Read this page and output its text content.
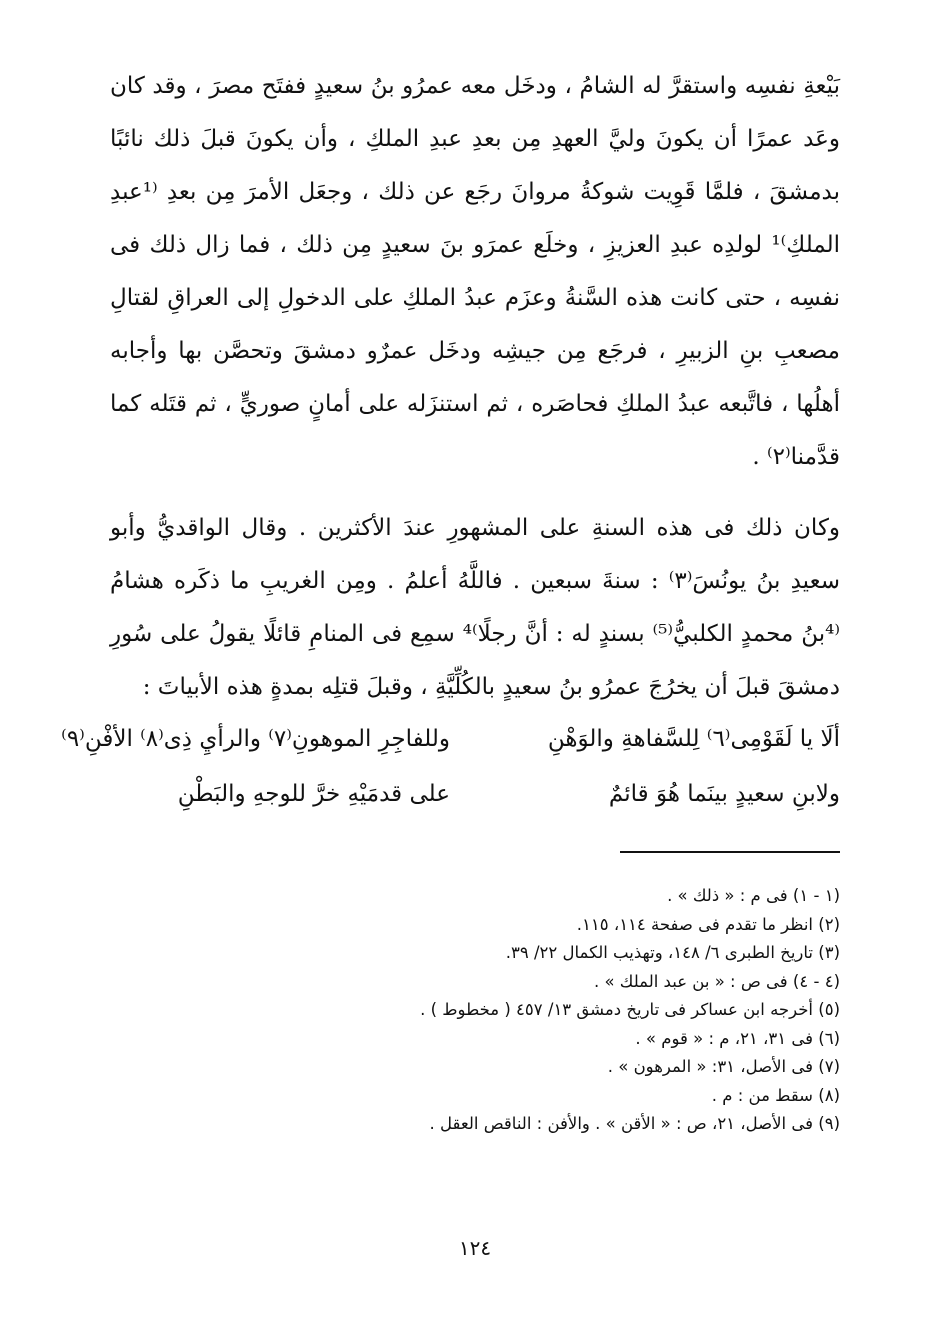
بَيْعةِ نفسِه واستقرَّ له الشامُ ، ودخَل معه عمرُو بنُ سعيدٍ ففتَح مصرَ ، وقد كان وعَد عمرًا أن يكونَ وليَّ العهدِ مِن بعدِ عبدِ الملكِ ، وأن يكونَ قبلَ ذلك نائبًا بدمشقَ ، فلمَّا قَوِيت شوكةُ مروانَ رجَع عن ذلك ، وجعَل الأمرَ مِن بعدِ ⁽¹عبدِ الملكِ⁾¹ لولدِه عبدِ العزيزِ ، وخلَع عمرَو بنَ سعيدٍ مِن ذلك ، فما زال ذلك فى نفسِه ، حتى كانت هذه السَّنةُ وعزَم عبدُ الملكِ على الدخولِ إلى العراقِ لقتالِ مصعبِ بنِ الزبيرِ ، فرجَع مِن جيشِه ودخَل عمرٌو دمشقَ وتحصَّن بها وأجابه أهلُها ، فاتَّبعه عبدُ الملكِ فحاصَره ، ثم استنزَله على أمانٍ صوريٍّ ، ثم قتَله كما قدَّمنا⁽٢⁾ .

وكان ذلك فى هذه السنةِ على المشهورِ عندَ الأكثرين . وقال الواقديُّ وأبو سعيدِ بنُ يونُسَ⁽٣⁾ : سنةَ سبعين . فاللَّهُ أعلمُ . ومِن الغريبِ ما ذكَره هشامُ ⁽⁴بنُ محمدٍ الكلبيُّ⁽⁵⁾ بسندٍ له : أنَّ رجلًا⁾⁴ سمِع فى المنامِ قائلًا يقولُ على سُورِ دمشقَ قبلَ أن يخرُجَ عمرُو بنُ سعيدٍ بالكُلِّيَّةِ ، وقبلَ قتلِه بمدةٍ هذه الأبياتَ :

ألَا يا لَقَوْمِى⁽٦⁾ لِلسَّفاهةِ والوَهْنِ
وللفاجِرِ الموهونِ⁽٧⁾ والرأيِ ذِى⁽٨⁾ الأفْنِ⁽٩⁾
ولابنِ سعيدٍ بينَما هُوَ قائمٌ
على قدمَيْهِ خرَّ للوجهِ والبَطْنِ
(١ - ١) فى م : « ذلك » .
(٢) انظر ما تقدم فى صفحة ١١٤، ١١٥.
(٣) تاريخ الطبرى ٦/ ١٤٨، وتهذيب الكمال ٢٢/ ٣٩.
(٤ - ٤) فى ص : « بن عبد الملك » .
(٥) أخرجه ابن عساكر فى تاريخ دمشق ١٣/ ٤٥٧ ( مخطوط ) .
(٦) فى ٣١، ٢١، م : « قوم » .
(٧) فى الأصل، ٣١: « المرهون » .
(٨) سقط من : م .
(٩) فى الأصل، ٢١، ص : « الأقن » . والأفن : الناقص العقل .
١٢٤
